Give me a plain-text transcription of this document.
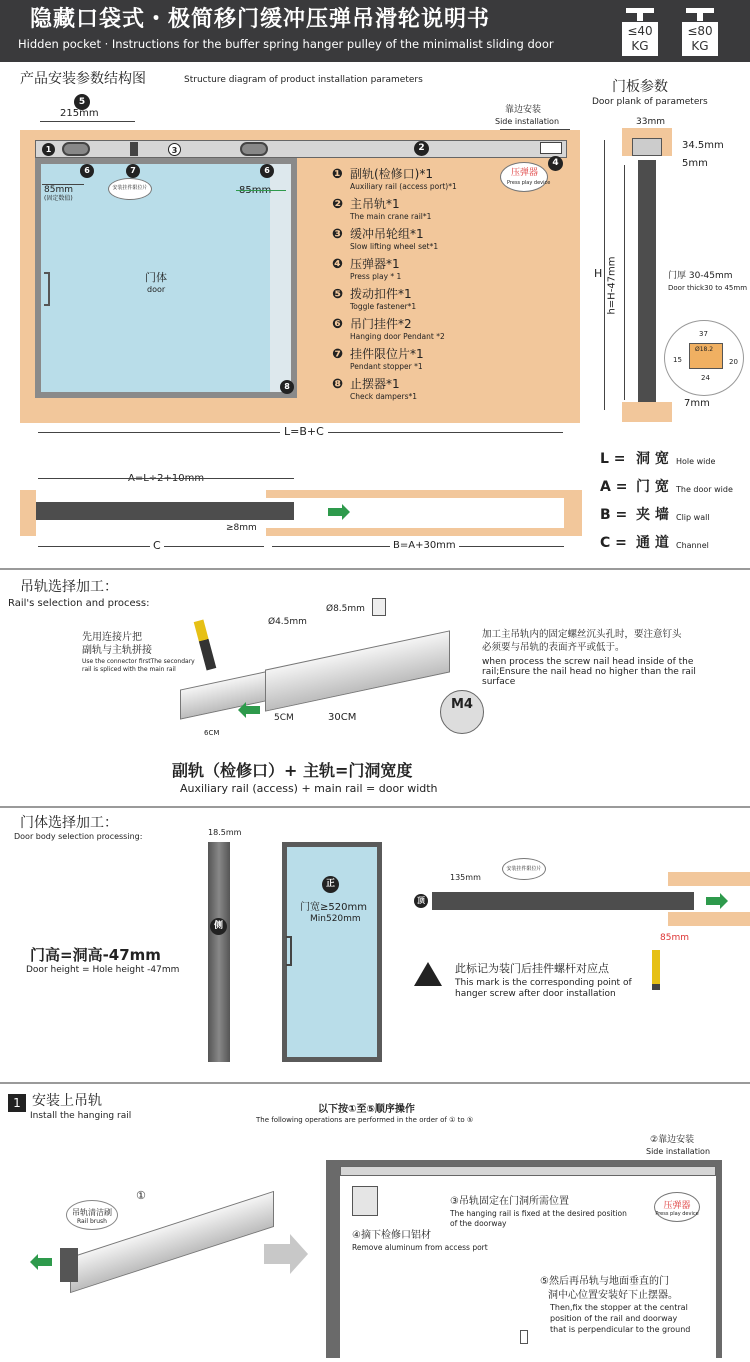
隐藏口袋式・极简移门缓冲压弹吊滑轮说明书
Hidden pocket · Instructions for the buffer spring hanger pulley of the minimalist sliding door
≤40
KG
≤80
KG
产品安装参数结构图	Structure diagram of product installation parameters
5
215mm	靠边安装
Side installation
门体
door
1	3	2
4
6	7	6
8
安装挂件限位片
85mm
(固定数值)
85mm
压弹器
Press play device
❶ 副轨(检修口)*1
Auxiliary rail (access port)*1
❷ 主吊轨*1
The main crane rail*1
❸ 缓冲吊轮组*1
Slow lifting wheel set*1
❹ 压弹器*1
Press play * 1
❺ 拨动扣件*1
Toggle fastener*1
❻ 吊门挂件*2
Hanging door Pendant *2
❼ 挂件限位片*1
Pendant stopper *1
❽ 止摆器*1
Check dampers*1
L=B+C
门板参数
Door plank of parameters
33mm
34.5mm
5mm
H h=H-47mm	门厚 30-45mm
Door thick30 to 45mm
37
Ø18.2
15	20
24
7mm
A=L÷2+10mm
≥8mm
C	B=A+30mm
L = 洞 宽 Hole wide
A = 门 宽 The door wide
B = 夹 墙 Clip wall
C = 通 道 Channel
吊轨选择加工：
Rail's selection and process:
先用连接片把
副轨与主轨拼接
Use the connector firstThe secondary
rail is spliced with the main rail
6CM
Ø4.5mm
Ø8.5mm
5CM	30CM
M4
加工主吊轨内的固定螺丝沉头孔时，要注意钉头
必须要与吊轨的表面齐平或低于。
when process the screw nail head inside of the
rail;Ensure the nail head no higher than the rail
surface
副轨（检修口）+ 主轨=门洞宽度
Auxiliary rail (access) + main rail = door width
门体选择加工：
Door body selection processing:	18.5mm
侧
门高=洞高-47mm
Door height = Hole height -47mm
正
门宽≥520mm
Min520mm
135mm
安装挂件限位片
顶
85mm
此标记为装门后挂件螺杆对应点
This mark is the corresponding point of
hanger screw after door installation
1 安装上吊轨
Install the hanging rail
以下按①至⑤顺序操作
The following operations are performed in the order of ① to ⑤
①
吊轨清洁刷
Rail brush
②靠边安装
Side installation
③吊轨固定在门洞所需位置
The hanging rail is fixed at the desired position
of the doorway
④摘下检修口铝材
Remove aluminum from access port
压弹器
Press play device
⑤然后再吊轨与地面垂直的门
洞中心位置安装好下止摆器。
Then,fix the stopper at the central
position of the rail and doorway
that is perpendicular to the ground
